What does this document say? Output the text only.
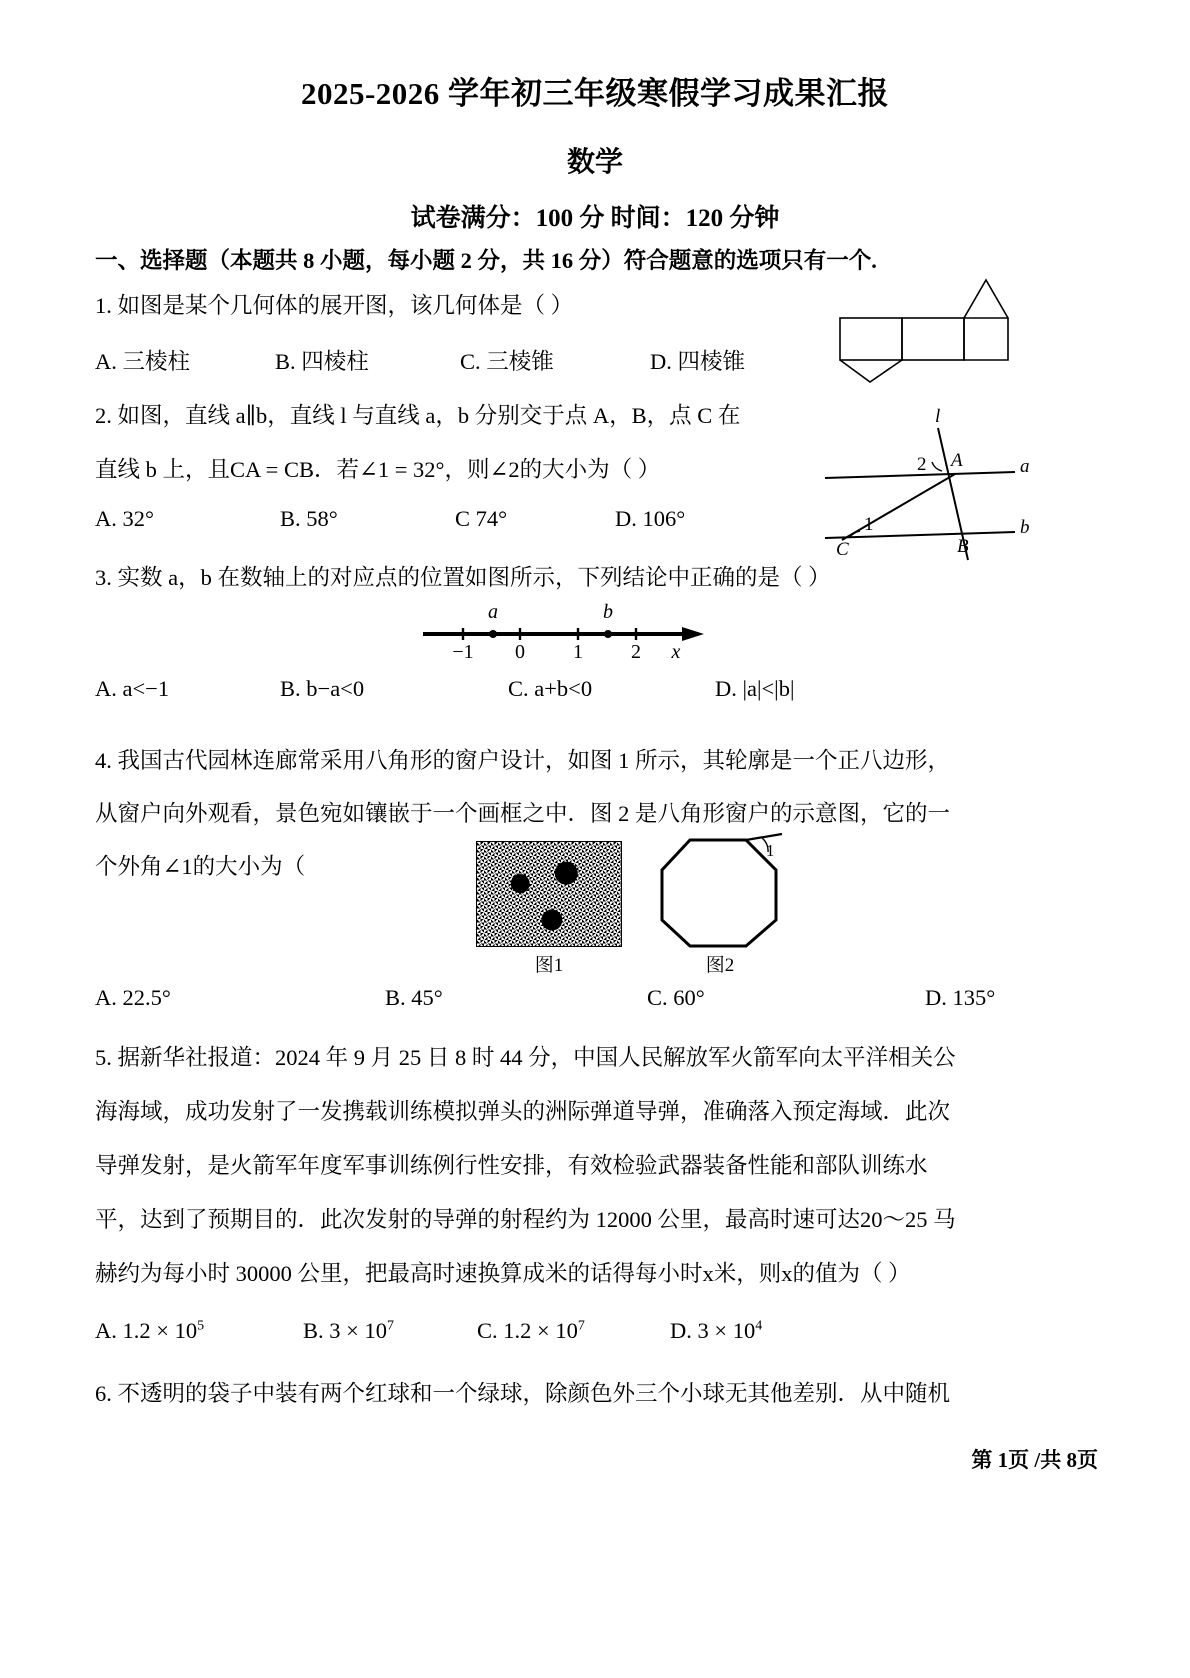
2025-2026 学年初三年级寒假学习成果汇报
数学
试卷满分：100 分 时间：120 分钟
一、选择题（本题共 8 小题，每小题 2 分，共 16 分）符合题意的选项只有一个.
1. 如图是某个几何体的展开图，该几何体是（ ）
A. 三棱柱	B. 四棱柱	C. 三棱锥	D. 四棱锥
2. 如图，直线 a∥b，直线 l 与直线 a，b 分别交于点 A，B，点 C 在
直线 b 上，且CA = CB．若∠1 = 32°，则∠2的大小为（ ）
A. 32°	B. 58°	C 74°	D. 106°
l
a
b
2
1
A
B
C
3. 实数 a，b 在数轴上的对应点的位置如图所示，下列结论中正确的是（ ）
−1 0 1 2 x
a	b
A. a<−1	B. b−a<0	C. a+b<0	D. |a|<|b|
4. 我国古代园林连廊常采用八角形的窗户设计，如图 1 所示，其轮廓是一个正八边形，
从窗户向外观看，景色宛如镶嵌于一个画框之中．图 2 是八角形窗户的示意图，它的一
个外角∠1的大小为（
图1
1
图2
A. 22.5°	B. 45°	C. 60°	D. 135°
5. 据新华社报道：2024 年 9 月 25 日 8 时 44 分，中国人民解放军火箭军向太平洋相关公
海海域，成功发射了一发携载训练模拟弹头的洲际弹道导弹，准确落入预定海域．此次
导弹发射，是火箭军年度军事训练例行性安排，有效检验武器装备性能和部队训练水
平，达到了预期目的．此次发射的导弹的射程约为 12000 公里，最高时速可达20～25 马
赫约为每小时 30000 公里，把最高时速换算成米的话得每小时x米，则x的值为（ ）
A. $1.2 \times 10^5$	B. $3 \times 10^7$	C. $1.2 \times 10^7$	D. $3 \times 10^4$
6. 不透明的袋子中装有两个红球和一个绿球，除颜色外三个小球无其他差别．从中随机
第 1页 /共 8页
